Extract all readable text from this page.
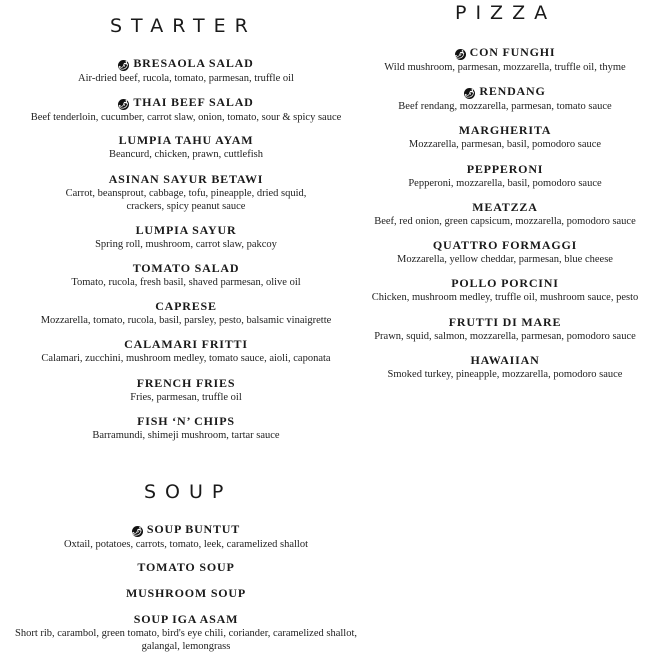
STARTER
🌶︎ BRESAOLA SALAD
Air-dried beef, rucola, tomato, parmesan, truffle oil
🌶︎ THAI BEEF SALAD
Beef tenderloin, cucumber, carrot slaw, onion, tomato, sour & spicy sauce
LUMPIA TAHU AYAM
Beancurd, chicken, prawn, cuttlefish
ASINAN SAYUR BETAWI
Carrot, beansprout, cabbage, tofu, pineapple, dried squid,
crackers, spicy peanut sauce
LUMPIA SAYUR
Spring roll, mushroom, carrot slaw, pakcoy
TOMATO SALAD
Tomato, rucola, fresh basil, shaved parmesan, olive oil
CAPRESE
Mozzarella, tomato, rucola, basil, parsley, pesto, balsamic vinaigrette
CALAMARI FRITTI
Calamari, zucchini, mushroom medley, tomato sauce, aioli, caponata
FRENCH FRIES
Fries, parmesan, truffle oil
FISH ‘N’ CHIPS
Barramundi, shimeji mushroom, tartar sauce
SOUP
🌶︎ SOUP BUNTUT
Oxtail, potatoes, carrots, tomato, leek, caramelized shallot
TOMATO SOUP
MUSHROOM SOUP
SOUP IGA ASAM
Short rib, carambol, green tomato, bird's eye chili, coriander, caramelized shallot,
galangal, lemongrass
PIZZA
🌶︎ CON FUNGHI
Wild mushroom, parmesan, mozzarella, truffle oil, thyme
🌶︎ RENDANG
Beef rendang, mozzarella, parmesan, tomato sauce
MARGHERITA
Mozzarella, parmesan, basil, pomodoro sauce
PEPPERONI
Pepperoni, mozzarella, basil, pomodoro sauce
MEATZZA
Beef, red onion, green capsicum, mozzarella, pomodoro sauce
QUATTRO FORMAGGI
Mozzarella, yellow cheddar, parmesan, blue cheese
POLLO PORCINI
Chicken, mushroom medley, truffle oil, mushroom sauce, pesto
FRUTTI DI MARE
Prawn, squid, salmon, mozzarella, parmesan, pomodoro sauce
HAWAIIAN
Smoked turkey, pineapple, mozzarella, pomodoro sauce
